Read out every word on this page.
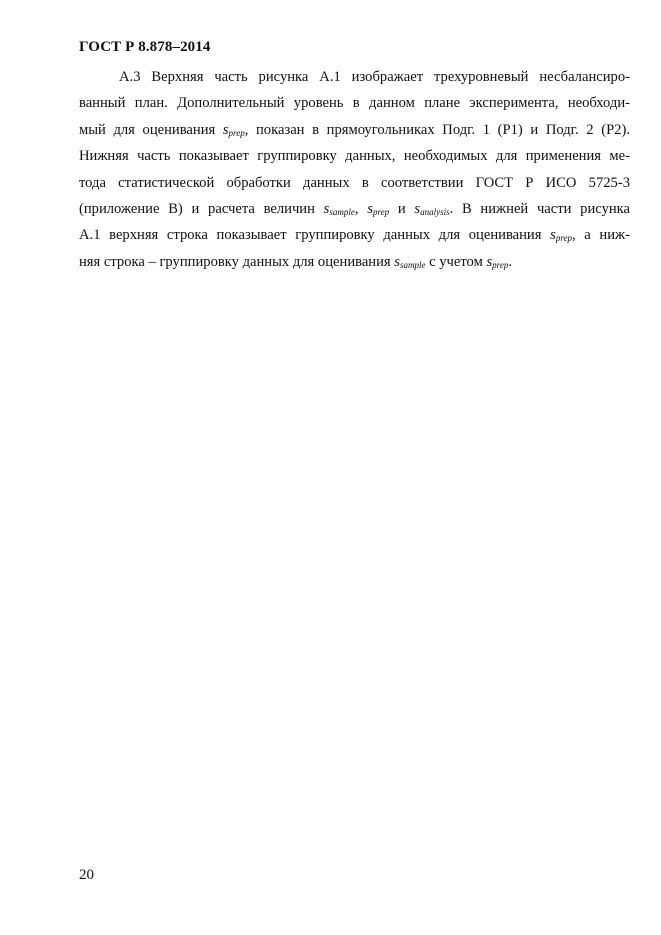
ГОСТ Р 8.878–2014
А.3 Верхняя часть рисунка А.1 изображает трехуровневый несбалансиро-
ванный план. Дополнительный уровень в данном плане эксперимента, необходи-
мый для оценивания $s_{prep}$, показан в прямоугольниках Подг. 1 (Р1) и Подг. 2 (Р2).
Нижняя часть показывает группировку данных, необходимых для применения ме-
тода статистической обработки данных в соответствии ГОСТ Р ИСО 5725-3
(приложение В) и расчета величин $s_{sample}$, $s_{prep}$ и $s_{analysis}$. В нижней части рисунка
А.1 верхняя строка показывает группировку данных для оценивания $s_{prep}$, а ниж-
няя строка – группировку данных для оценивания $s_{sample}$ с учетом $s_{prep}$.
20
